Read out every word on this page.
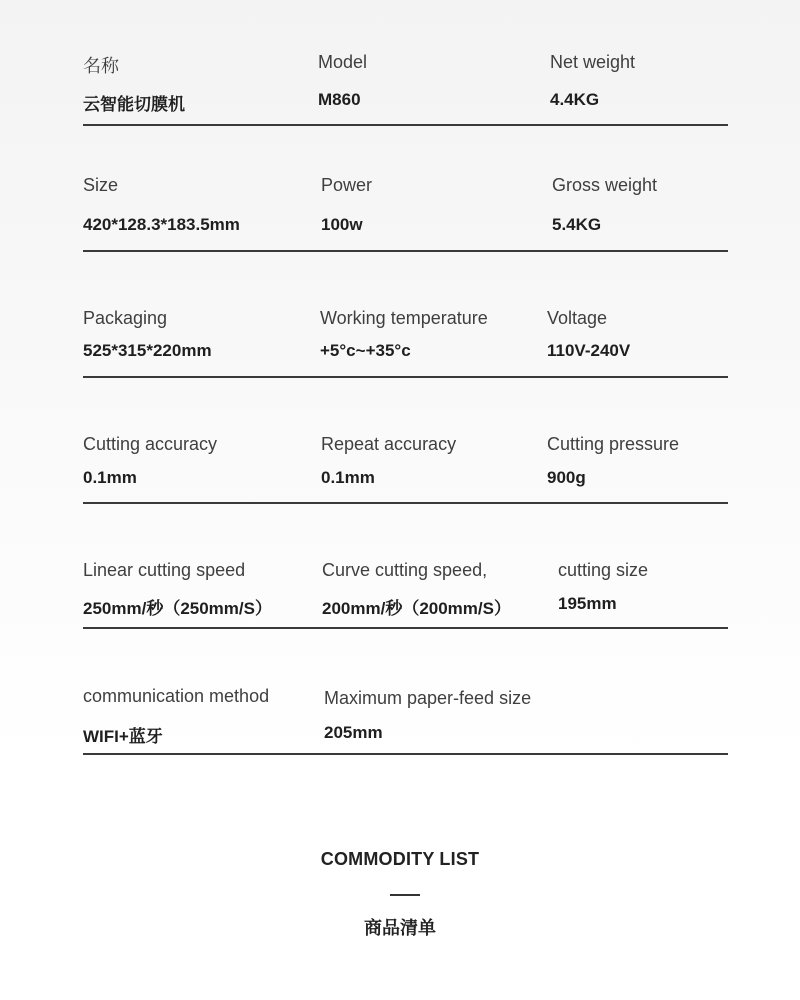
名称
云智能切膜机
Model
M860
Net weight
4.4KG
Size
420*128.3*183.5mm
Power
100w
Gross weight
5.4KG
Packaging
525*315*220mm
Working temperature
+5°c~+35°c
Voltage
110V-240V
Cutting accuracy
0.1mm
Repeat accuracy
0.1mm
Cutting pressure
900g
Linear cutting speed
250mm/秒（250mm/S）
Curve cutting speed,
200mm/秒（200mm/S）
cutting size
195mm
communication method
WIFI+蓝牙
Maximum paper-feed size
205mm
COMMODITY LIST
商品清单
